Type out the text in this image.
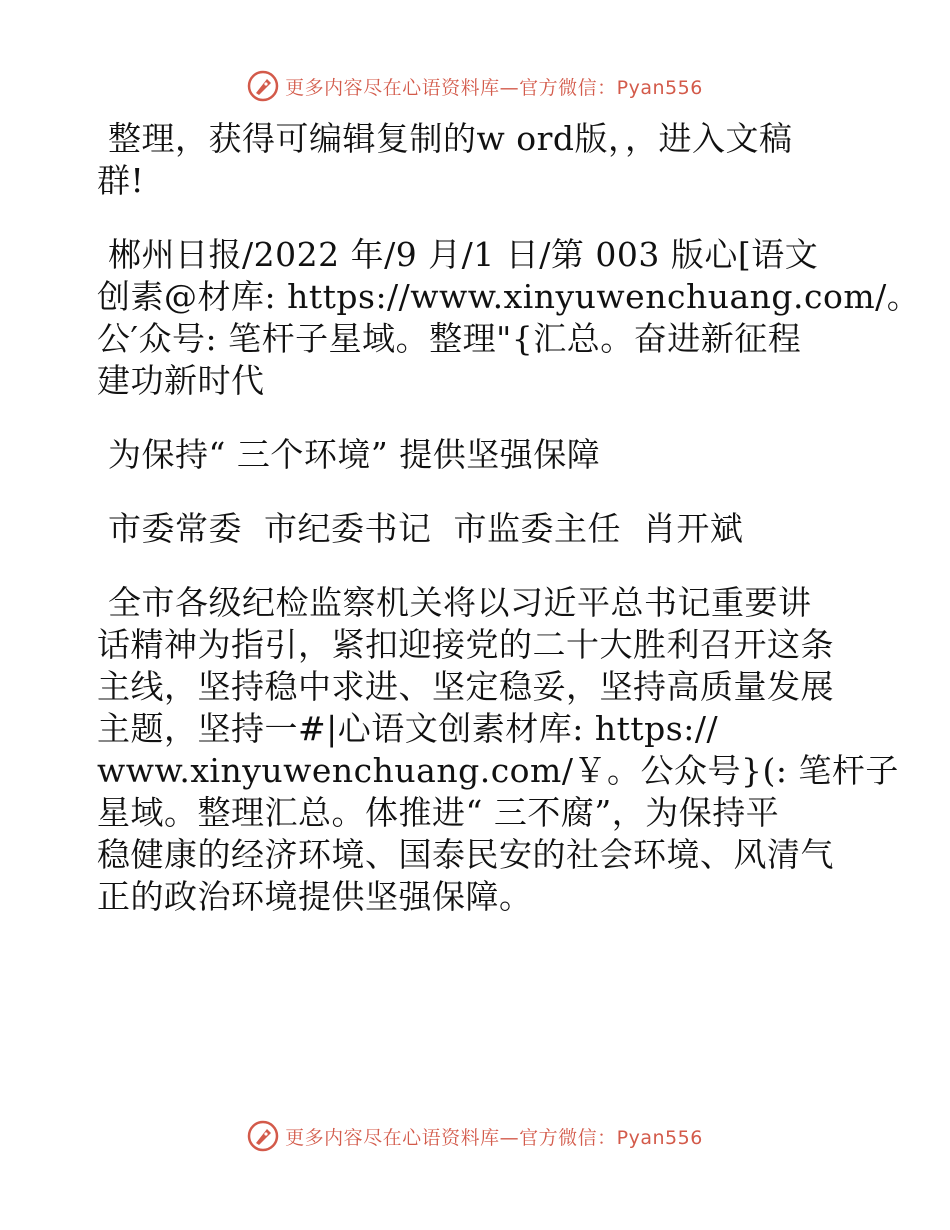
更多内容尽在心语资料库—官方微信：Pyan556
整理，获得可编辑复制的w ord版，，进入文稿
群!
郴州日报/2022 年/9 月/1 日/第 003 版心[语文
创素@材库: https://www.xinyuwenchuang.com/。
公′众号: 笔杆子星域。整理"{汇总。奋进新征程
建功新时代
为保持“ 三个环境” 提供坚强保障
市委常委  市纪委书记  市监委主任  肖开斌
全市各级纪检监察机关将以习近平总书记重要讲
话精神为指引，紧扣迎接党的二十大胜利召开这条
主线，坚持稳中求进、坚定稳妥，坚持高质量发展
主题，坚持一#|心语文创素材库: https://
www.xinyuwenchuang.com/￥。公众号}(: 笔杆子
星域。整理汇总。体推进“ 三不腐”，为保持平
稳健康的经济环境、国泰民安的社会环境、风清气
正的政治环境提供坚强保障。
更多内容尽在心语资料库—官方微信：Pyan556
